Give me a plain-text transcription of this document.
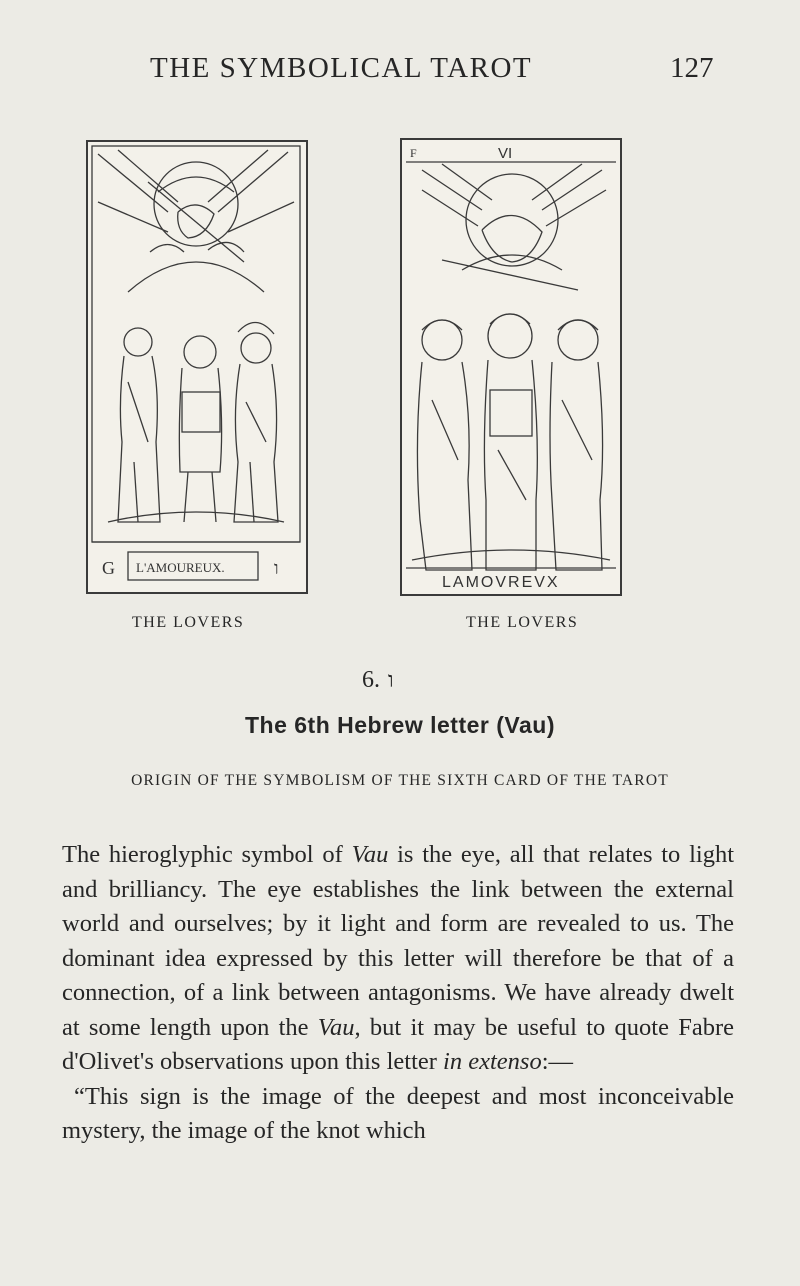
THE SYMBOLICAL TAROT	127
G L'AMOUREUX.	ו
F	VI
LAMOVREVX
THE LOVERS	THE LOVERS
6. ו
The 6th Hebrew letter (Vau)
ORIGIN OF THE SYMBOLISM OF THE SIXTH CARD OF THE TAROT

The hieroglyphic symbol of Vau is the eye, all that relates to light and brilliancy. The eye establishes the link between the external world and ourselves; by it light and form are revealed to us. The dominant idea expressed by this letter will therefore be that of a connection, of a link between antagonisms. We have already dwelt at some length upon the Vau, but it may be useful to quote Fabre d'Olivet's observations upon this letter in extenso:—

“This sign is the image of the deepest and most inconceivable mystery, the image of the knot which
